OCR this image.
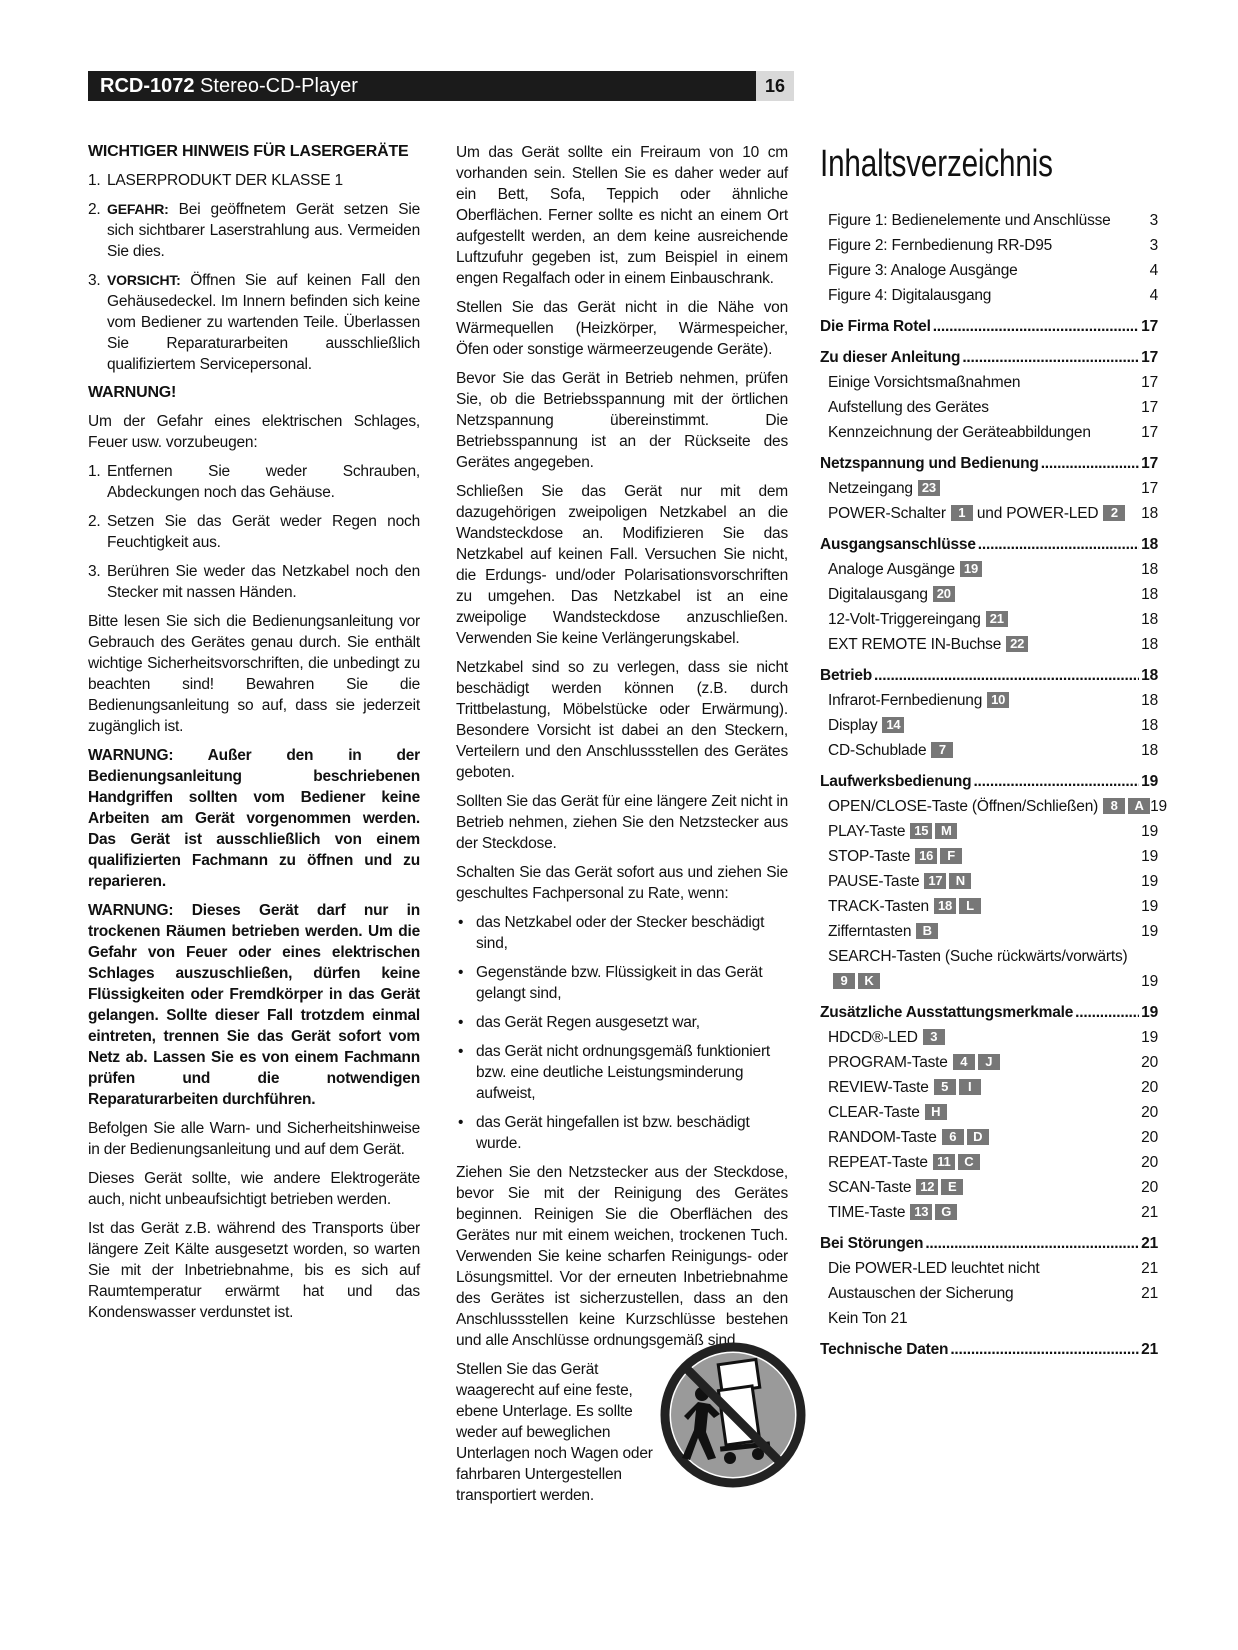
RCD-1072 Stereo-CD-Player	16
WICHTIGER HINWEIS FÜR LASERGERÄTE
1. LASERPRODUKT DER KLASSE 1
2. GEFAHR: Bei geöffnetem Gerät setzen Sie sich sichtbarer Laserstrahlung aus. Vermeiden Sie dies.
3. VORSICHT: Öffnen Sie auf keinen Fall den Gehäusedeckel. Im Innern befinden sich keine vom Bediener zu wartenden Teile. Überlassen Sie Reparaturarbeiten ausschließlich qualifiziertem Servicepersonal.
WARNUNG!

Um der Gefahr eines elektrischen Schlages, Feuer usw. vorzubeugen:

1. Entfernen Sie weder Schrauben, Abdeckungen noch das Gehäuse.
2. Setzen Sie das Gerät weder Regen noch Feuchtigkeit aus.
3. Berühren Sie weder das Netzkabel noch den Stecker mit nassen Händen.

Bitte lesen Sie sich die Bedienungsanleitung vor Gebrauch des Gerätes genau durch. Sie enthält wichtige Sicherheitsvorschriften, die unbedingt zu beachten sind! Bewahren Sie die Bedienungsanleitung so auf, dass sie jederzeit zugänglich ist.

WARNUNG: Außer den in der Bedienungsanleitung beschriebenen Handgriffen sollten vom Bediener keine Arbeiten am Gerät vorgenommen werden. Das Gerät ist ausschließlich von einem qualifizierten Fachmann zu öffnen und zu reparieren.

WARNUNG: Dieses Gerät darf nur in trockenen Räumen betrieben werden. Um die Gefahr von Feuer oder eines elektrischen Schlages auszuschließen, dürfen keine Flüssigkeiten oder Fremdkörper in das Gerät gelangen. Sollte dieser Fall trotzdem einmal eintreten, trennen Sie das Gerät sofort vom Netz ab. Lassen Sie es von einem Fachmann prüfen und die notwendigen Reparaturarbeiten durchführen.

Befolgen Sie alle Warn- und Sicherheitshinweise in der Bedienungsanleitung und auf dem Gerät.

Dieses Gerät sollte, wie andere Elektrogeräte auch, nicht unbeaufsichtigt betrieben werden.

Ist das Gerät z.B. während des Transports über längere Zeit Kälte ausgesetzt worden, so warten Sie mit der Inbetriebnahme, bis es sich auf Raumtemperatur erwärmt hat und das Kondenswasser verdunstet ist.

Um das Gerät sollte ein Freiraum von 10 cm vorhanden sein. Stellen Sie es daher weder auf ein Bett, Sofa, Teppich oder ähnliche Oberflächen. Ferner sollte es nicht an einem Ort aufgestellt werden, an dem keine ausreichende Luftzufuhr gegeben ist, zum Beispiel in einem engen Regalfach oder in einem Einbauschrank.

Stellen Sie das Gerät nicht in die Nähe von Wärmequellen (Heizkörper, Wärmespeicher, Öfen oder sonstige wärmeerzeugende Geräte).

Bevor Sie das Gerät in Betrieb nehmen, prüfen Sie, ob die Betriebsspannung mit der örtlichen Netzspannung übereinstimmt. Die Betriebsspannung ist an der Rückseite des Gerätes angegeben.

Schließen Sie das Gerät nur mit dem dazugehörigen zweipoligen Netzkabel an die Wandsteckdose an. Modifizieren Sie das Netzkabel auf keinen Fall. Versuchen Sie nicht, die Erdungs- und/oder Polarisationsvorschriften zu umgehen. Das Netzkabel ist an eine zweipolige Wandsteckdose anzuschließen. Verwenden Sie keine Verlängerungskabel.

Netzkabel sind so zu verlegen, dass sie nicht beschädigt werden können (z.B. durch Trittbelastung, Möbelstücke oder Erwärmung). Besondere Vorsicht ist dabei an den Steckern, Verteilern und den Anschlussstellen des Gerätes geboten.

Sollten Sie das Gerät für eine längere Zeit nicht in Betrieb nehmen, ziehen Sie den Netzstecker aus der Steckdose.

Schalten Sie das Gerät sofort aus und ziehen Sie geschultes Fachpersonal zu Rate, wenn:

• das Netzkabel oder der Stecker beschädigt sind,
• Gegenstände bzw. Flüssigkeit in das Gerät gelangt sind,
• das Gerät Regen ausgesetzt war,
• das Gerät nicht ordnungsgemäß funktioniert bzw. eine deutliche Leistungsminderung aufweist,
• das Gerät hingefallen ist bzw. beschädigt wurde.

Ziehen Sie den Netzstecker aus der Steckdose, bevor Sie mit der Reinigung des Gerätes beginnen. Reinigen Sie die Oberflächen des Gerätes nur mit einem weichen, trockenen Tuch. Verwenden Sie keine scharfen Reinigungs- oder Lösungsmittel. Vor der erneuten Inbetriebnahme des Gerätes ist sicherzustellen, dass an den Anschlussstellen keine Kurzschlüsse bestehen und alle Anschlüsse ordnungsgemäß sind.

Stellen Sie das Gerät waagerecht auf eine feste, ebene Unterlage. Es sollte weder auf beweglichen Unterlagen noch Wagen oder fahrbaren Untergestellen transportiert werden.

Inhaltsverzeichnis
Figure 1: Bedienelemente und Anschlüsse	3
Figure 2: Fernbedienung RR-D95	3
Figure 3: Analoge Ausgänge	4
Figure 4: Digitalausgang	4
Die Firma Rotel .....	17
Zu dieser Anleitung .....	17
Einige Vorsichtsmaßnahmen	17
Aufstellung des Gerätes	17
Kennzeichnung der Geräteabbildungen	17
Netzspannung und Bedienung .....	17
Netzeingang 23	17
POWER-Schalter 1 und POWER-LED 2	18
Ausgangsanschlüsse .....	18
Analoge Ausgänge 19	18
Digitalausgang 20	18
12-Volt-Triggereingang 21	18
EXT REMOTE IN-Buchse 22	18
Betrieb .....	18
Infrarot-Fernbedienung 10	18
Display 14	18
CD-Schublade 7	18
Laufwerksbedienung .....	19
OPEN/CLOSE-Taste (Öffnen/Schließen) 8 A 19
PLAY-Taste 15 M	19
STOP-Taste 16 F	19
PAUSE-Taste 17 N	19
TRACK-Tasten 18 L	19
Zifferntasten B	19
SEARCH-Tasten (Suche rückwärts/vorwärts)
9 K	19
Zusätzliche Ausstattungsmerkmale .....	19
HDCD®-LED 3	19
PROGRAM-Taste 4 J	20
REVIEW-Taste 5 I	20
CLEAR-Taste H	20
RANDOM-Taste 6 D	20
REPEAT-Taste 11 C	20
SCAN-Taste 12 E	20
TIME-Taste 13 G	21
Bei Störungen .....	21
Die POWER-LED leuchtet nicht	21
Austauschen der Sicherung	21
Kein Ton 21
Technische Daten .....	21
